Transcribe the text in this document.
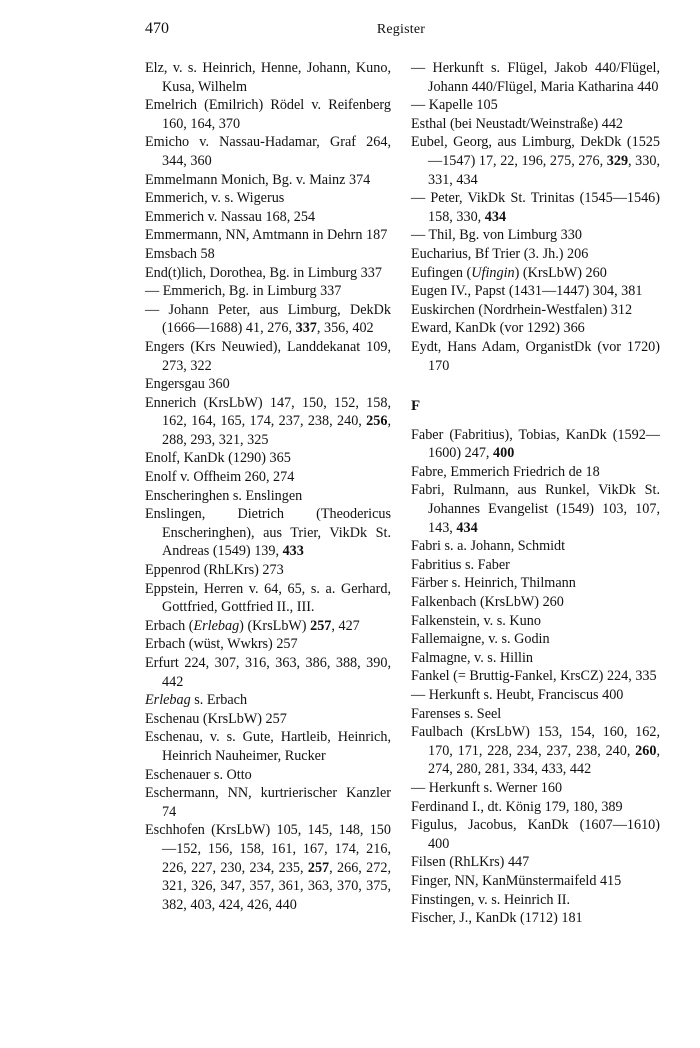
470	Register

Elz, v. s. Heinrich, Henne, Johann, Kuno, Kusa, Wilhelm

Emelrich (Emilrich) Rödel v. Reifenberg 160, 164, 370

Emicho v. Nassau-Hadamar, Graf 264, 344, 360

Emmelmann Monich, Bg. v. Mainz 374

Emmerich, v. s. Wigerus

Emmerich v. Nassau 168, 254

Emmermann, NN, Amtmann in Dehrn 187

Emsbach 58

End(t)lich, Dorothea, Bg. in Limburg 337

— Emmerich, Bg. in Limburg 337

— Johann Peter, aus Limburg, DekDk (1666—1688) 41, 276, 337, 356, 402

Engers (Krs Neuwied), Landdekanat 109, 273, 322

Engersgau 360

Ennerich (KrsLbW) 147, 150, 152, 158, 162, 164, 165, 174, 237, 238, 240, 256, 288, 293, 321, 325

Enolf, KanDk (1290) 365

Enolf v. Offheim 260, 274

Enscheringhen s. Enslingen

Enslingen, Dietrich (Theodericus Enscheringhen), aus Trier, VikDk St. Andreas (1549) 139, 433

Eppenrod (RhLKrs) 273

Eppstein, Herren v. 64, 65, s. a. Gerhard, Gottfried, Gottfried II., III.

Erbach (Erlebag) (KrsLbW) 257, 427

Erbach (wüst, Wwkrs) 257

Erfurt 224, 307, 316, 363, 386, 388, 390, 442

Erlebag s. Erbach

Eschenau (KrsLbW) 257

Eschenau, v. s. Gute, Hartleib, Heinrich, Heinrich Nauheimer, Rucker

Eschenauer s. Otto

Eschermann, NN, kurtrierischer Kanzler 74

Eschhofen (KrsLbW) 105, 145, 148, 150—152, 156, 158, 161, 167, 174, 216, 226, 227, 230, 234, 235, 257, 266, 272, 321, 326, 347, 357, 361, 363, 370, 375, 382, 403, 424, 426, 440

— Herkunft s. Flügel, Jakob 440/Flügel, Johann 440/Flügel, Maria Katharina 440

— Kapelle 105

Esthal (bei Neustadt/Weinstraße) 442

Eubel, Georg, aus Limburg, DekDk (1525—1547) 17, 22, 196, 275, 276, 329, 330, 331, 434

— Peter, VikDk St. Trinitas (1545—1546) 158, 330, 434

— Thil, Bg. von Limburg 330

Eucharius, Bf Trier (3. Jh.) 206

Eufingen (Ufingin) (KrsLbW) 260

Eugen IV., Papst (1431—1447) 304, 381

Euskirchen (Nordrhein-Westfalen) 312

Eward, KanDk (vor 1292) 366

Eydt, Hans Adam, OrganistDk (vor 1720) 170

F

Faber (Fabritius), Tobias, KanDk (1592—1600) 247, 400

Fabre, Emmerich Friedrich de 18

Fabri, Rulmann, aus Runkel, VikDk St. Johannes Evangelist (1549) 103, 107, 143, 434

Fabri s. a. Johann, Schmidt

Fabritius s. Faber

Färber s. Heinrich, Thilmann

Falkenbach (KrsLbW) 260

Falkenstein, v. s. Kuno

Fallemaigne, v. s. Godin

Falmagne, v. s. Hillin

Fankel (= Bruttig-Fankel, KrsCZ) 224, 335

— Herkunft s. Heubt, Franciscus 400

Farenses s. Seel

Faulbach (KrsLbW) 153, 154, 160, 162, 170, 171, 228, 234, 237, 238, 240, 260, 274, 280, 281, 334, 433, 442

— Herkunft s. Werner 160

Ferdinand I., dt. König 179, 180, 389

Figulus, Jacobus, KanDk (1607—1610) 400

Filsen (RhLKrs) 447

Finger, NN, KanMünstermaifeld 415

Finstingen, v. s. Heinrich II.

Fischer, J., KanDk (1712) 181
